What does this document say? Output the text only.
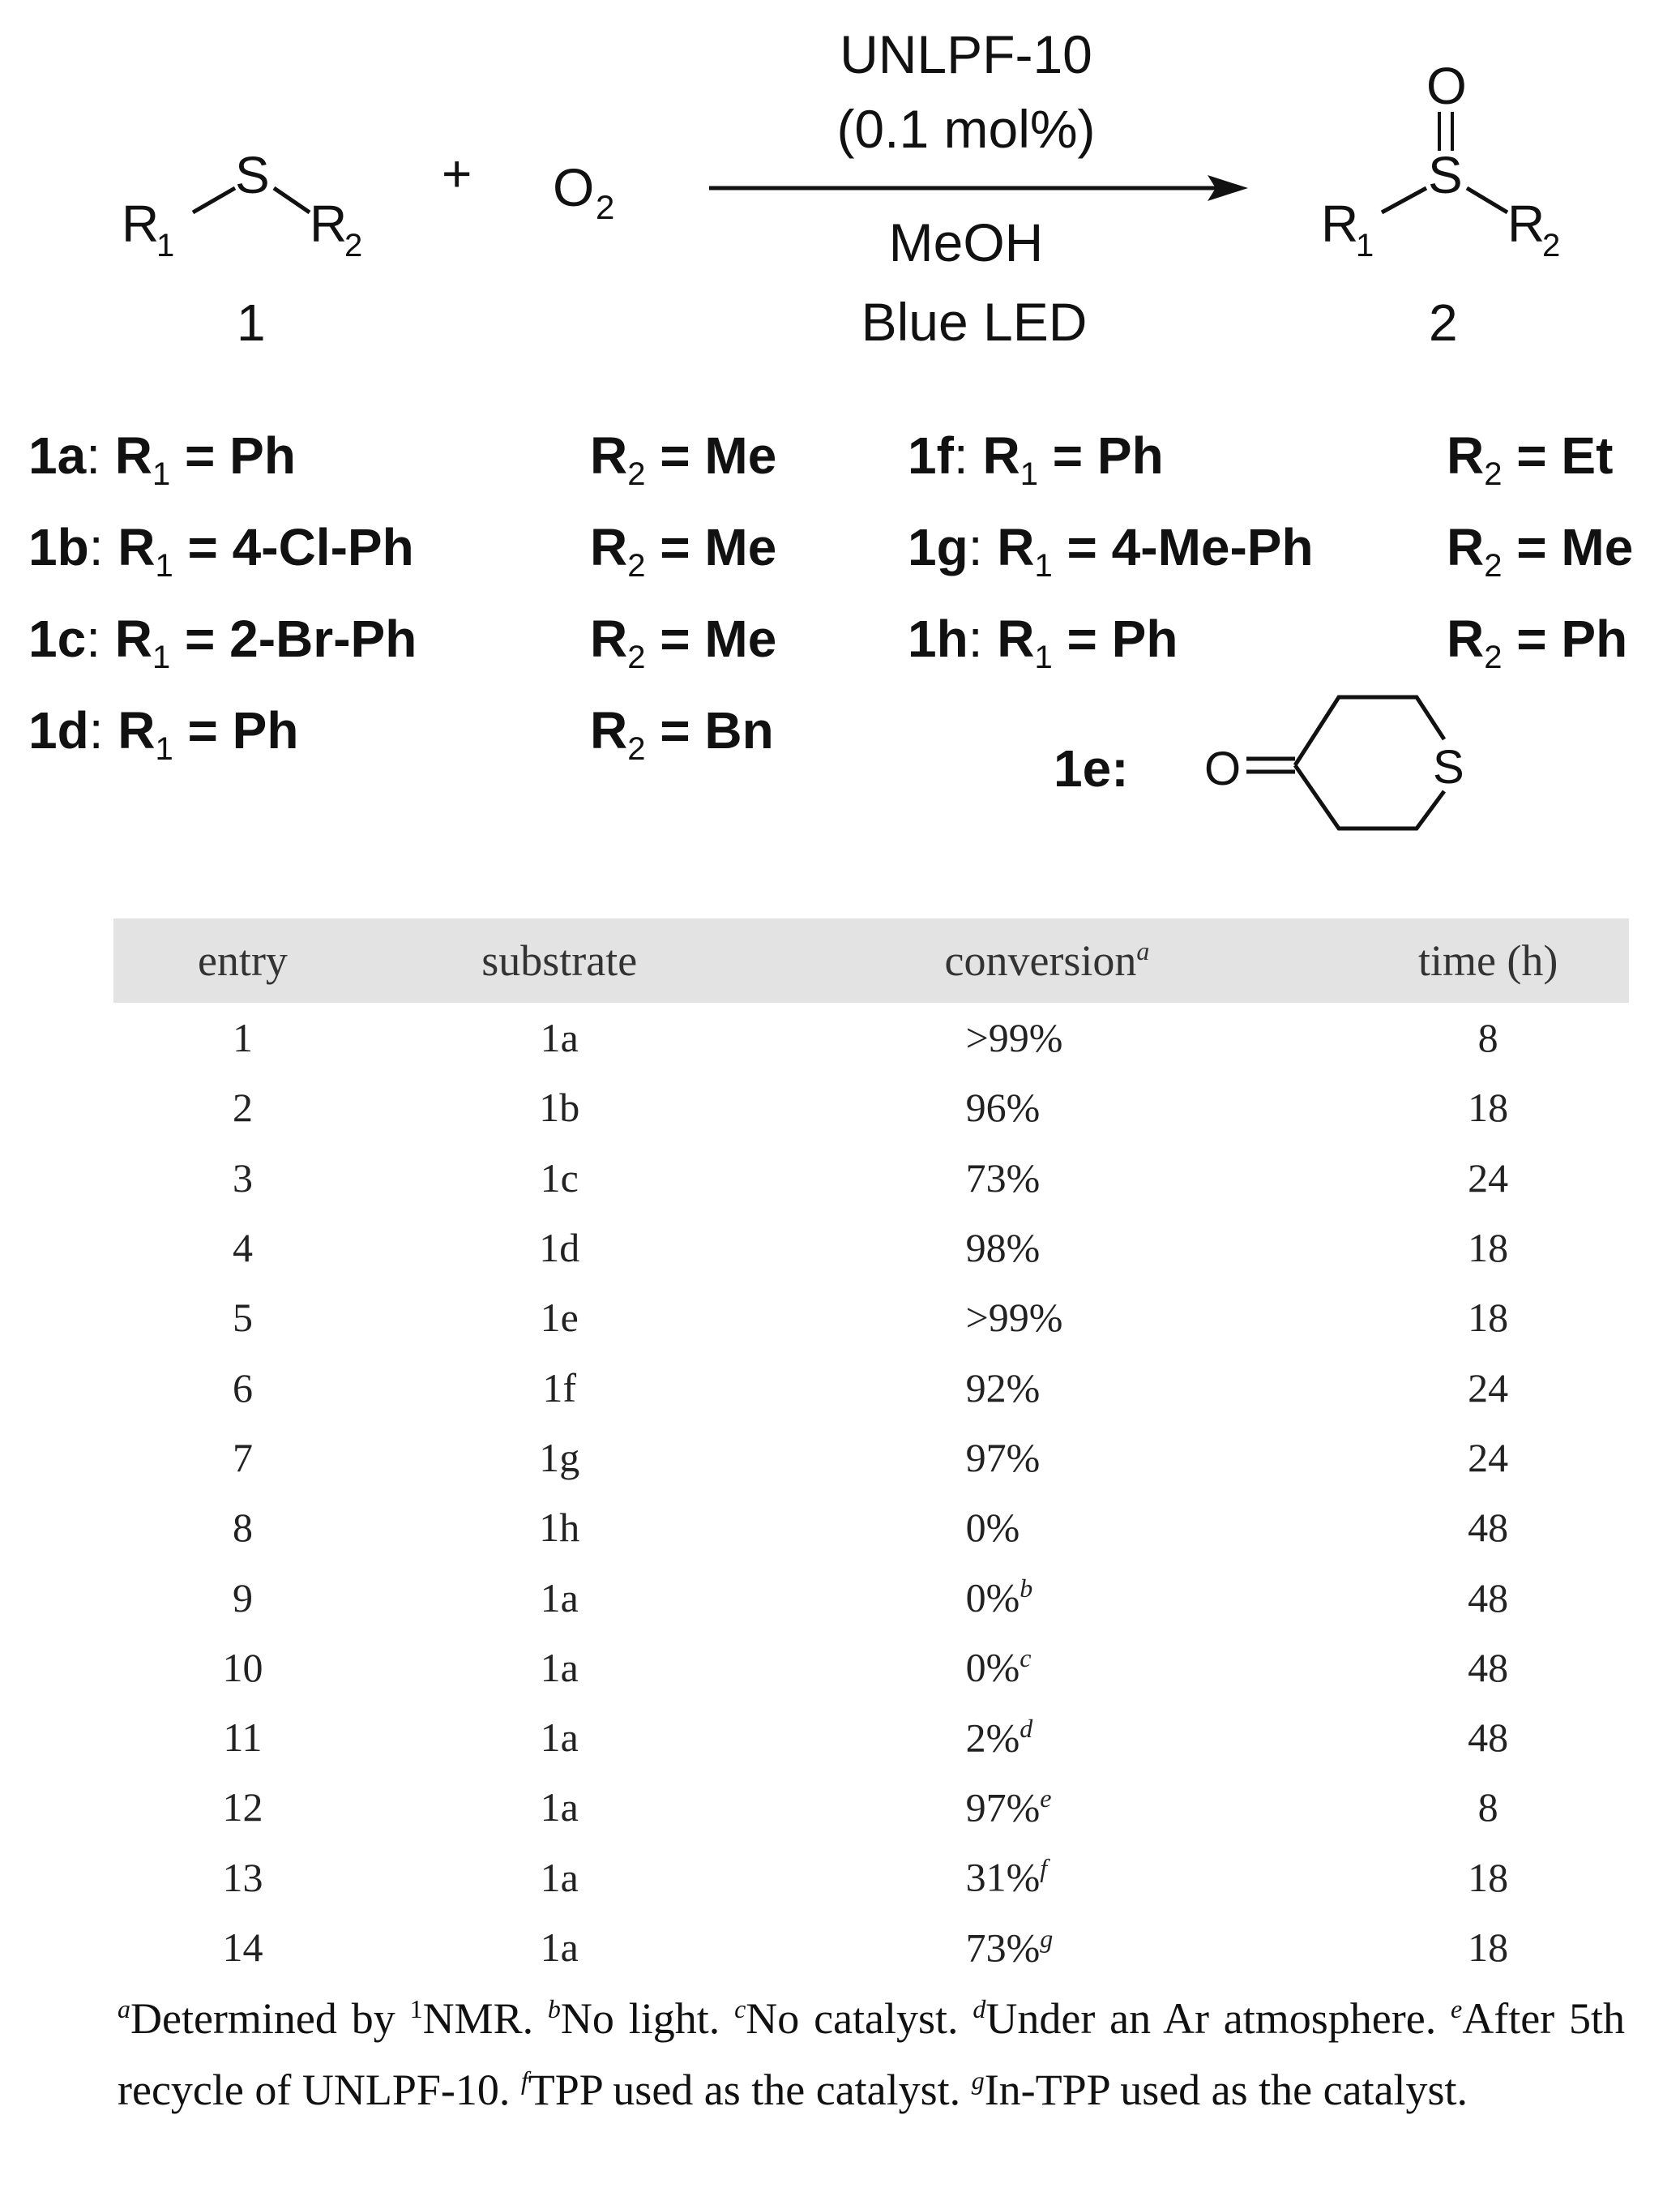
R
1
S
R
2
1
+ O 2
UNLPF-10
(0.1 mol%)
MeOH
Blue LED
O
S
R
1	R
2
2
1e: O	S
1a: $R_1 = Ph$	$R_2 = Me$
1b: $R_1 = 4-Cl-Ph$	$R_2 = Me$
1c: $R_1 = 2-Br-Ph$	$R_2 = Me$
1d: $R_1 = Ph$	$R_2 = Bn$
1f: $R_1 = Ph$	$R_2 = Et$
1g: $R_1 = 4-Me-Ph$	$R_2 = Me$
1h: $R_1 = Ph$	$R_2 = Ph$
entry	substrate	conversion$^a$	time (h)
1	1a	>99%	8
2	1b	96%	18
3	1c	73%	24
4	1d	98%	18
5	1e	>99%	18
6	1f	92%	24
7	1g	97%	24
8	1h	0%	48
9	1a	0%$^b$	48
10	1a	0%$^c$	48
11	1a	2%$^d$	48
12	1a	97%$^e$	8
13	1a	31%$^f$	18
14	1a	73%$^g$	18
$^a$Determined by $^1$NMR. $^b$No light. $^c$No catalyst. $^d$Under an Ar atmosphere. $^e$After 5th recycle of UNLPF-10. $^f$TPP used as the catalyst. $^g$In-TPP used as the catalyst.
